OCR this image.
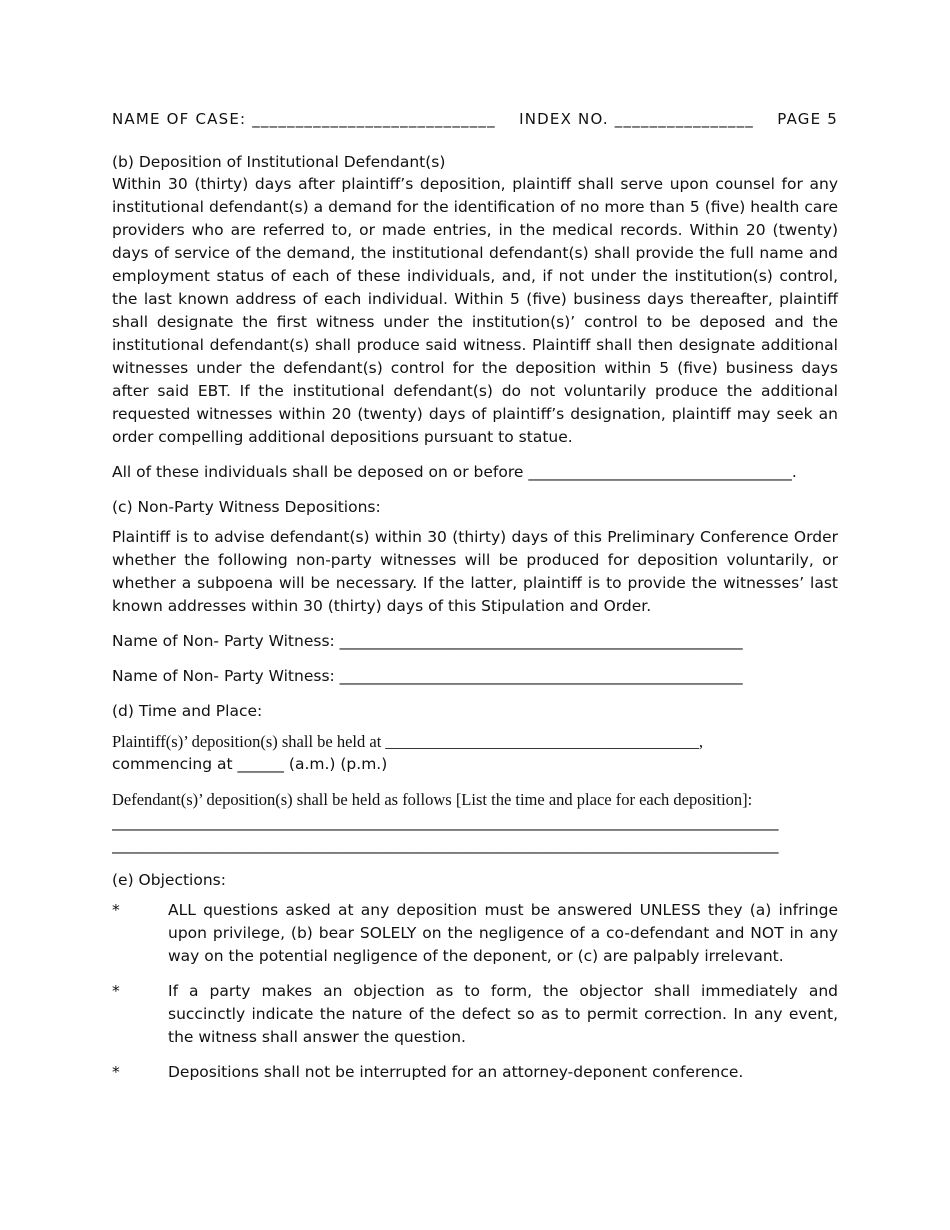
NAME OF CASE: ____________________________ INDEX NO. ________________ PAGE 5
(b) Deposition of Institutional Defendant(s)

Within 30 (thirty) days after plaintiff’s deposition, plaintiff shall serve upon counsel for any institutional defendant(s) a demand for the identification of no more than 5 (five) health care providers who are referred to, or made entries, in the medical records. Within 20 (twenty) days of service of the demand, the institutional defendant(s) shall provide the full name and employment status of each of these individuals, and, if not under the institution(s) control, the last known address of each individual. Within 5 (five) business days thereafter, plaintiff shall designate the first witness under the institution(s)’ control to be deposed and the institutional defendant(s) shall produce said witness. Plaintiff shall then designate additional witnesses under the defendant(s) control for the deposition within 5 (five) business days after said EBT. If the institutional defendant(s) do not voluntarily produce the additional requested witnesses within 20 (twenty) days of plaintiff’s designation, plaintiff may seek an order compelling additional depositions pursuant to statue.

All of these individuals shall be deposed on or before __________________________________.
(c) Non-Party Witness Depositions:

Plaintiff is to advise defendant(s) within 30 (thirty) days of this Preliminary Conference Order whether the following non-party witnesses will be produced for deposition voluntarily, or whether a subpoena will be necessary. If the latter, plaintiff is to provide the witnesses’ last known addresses within 30 (thirty) days of this Stipulation and Order.

Name of Non- Party Witness: ____________________________________________________
Name of Non- Party Witness: ____________________________________________________
(d) Time and Place:
Plaintiff(s)’ deposition(s) shall be held at ______________________________________,
commencing at ______ (a.m.) (p.m.)
Defendant(s)’ deposition(s) shall be held as follows [List the time and place for each deposition]:
______________________________________________________________________________________
______________________________________________________________________________________
(e) Objections:
*	ALL questions asked at any deposition must be answered UNLESS they (a) infringe upon privilege, (b) bear SOLELY on the negligence of a co-defendant and NOT in any way on the potential negligence of the deponent, or (c) are palpably irrelevant.
*	If a party makes an objection as to form, the objector shall immediately and succinctly indicate the nature of the defect so as to permit correction. In any event, the witness shall answer the question.
*	Depositions shall not be interrupted for an attorney-deponent conference.
